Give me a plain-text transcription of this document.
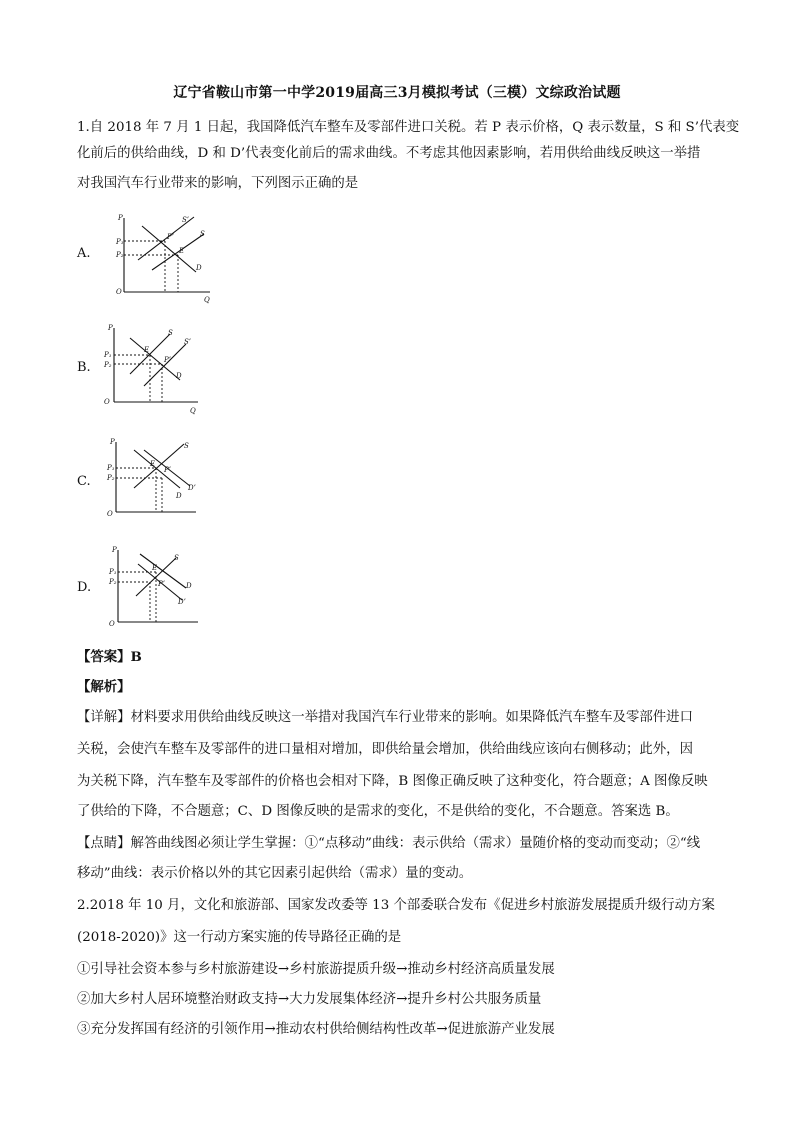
辽宁省鞍山市第一中学2019届高三3月模拟考试（三模）文综政治试题
1.自 2018 年 7 月 1 日起，我国降低汽车整车及零部件进口关税。若 P 表示价格，Q 表示数量，S 和 S’代表变
化前后的供给曲线，D 和 D’代表变化前后的需求曲线。不考虑其他因素影响，若用供给曲线反映这一举措
对我国汽车行业带来的影响，下列图示正确的是
A.
P
P₁
P₂
S’
S
P’
E
D
O
Q
B.
P
P₁
P₂
S
S’
E
P’
D
O
Q
C.
P
P₁
P₂
S
E
P’
D’
D
O
D.
P
P₁
P₂
S
E
D
P’
D’
O
【答案】B
【解析】
【详解】材料要求用供给曲线反映这一举措对我国汽车行业带来的影响。如果降低汽车整车及零部件进口
关税，会使汽车整车及零部件的进口量相对增加，即供给量会增加，供给曲线应该向右侧移动；此外，因
为关税下降，汽车整车及零部件的价格也会相对下降，B 图像正确反映了这种变化，符合题意；A 图像反映
了供给的下降，不合题意；C、D 图像反映的是需求的变化，不是供给的变化，不合题意。答案选 B。
【点睛】解答曲线图必须让学生掌握：①“点移动”曲线：表示供给（需求）量随价格的变动而变动；②“线
移动”曲线：表示价格以外的其它因素引起供给（需求）量的变动。
2.2018 年 10 月，文化和旅游部、国家发改委等 13 个部委联合发布《促进乡村旅游发展提质升级行动方案
(2018-2020)》这一行动方案实施的传导路径正确的是
①引导社会资本参与乡村旅游建设→乡村旅游提质升级→推动乡村经济高质量发展
②加大乡村人居环境整治财政支持→大力发展集体经济→提升乡村公共服务质量
③充分发挥国有经济的引领作用→推动农村供给侧结构性改革→促进旅游产业发展
